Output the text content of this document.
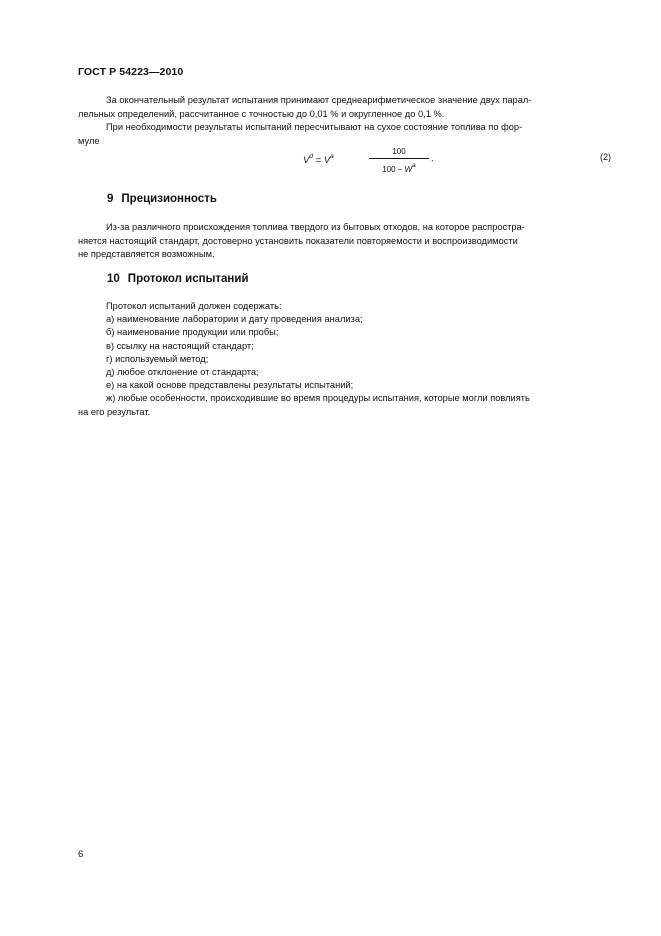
ГОСТ Р 54223—2010
За окончательный результат испытания принимают среднеарифметическое значение двух парал-
лельных определений, рассчитанное с точностью до 0,01 % и округленное до 0,1 %.
При необходимости результаты испытаний пересчитывают на сухое состояние топлива по фор-
муле
$V^d = V^a$
100
$100 - W^a$
.	(2)
9 Прецизионность
Из-за различного происхождения топлива твердого из бытовых отходов, на которое распростра-
няется настоящий стандарт, достоверно установить показатели повторяемости и воспроизводимости
не представляется возможным.
10 Протокол испытаний
Протокол испытаний должен содержать:
а) наименование лаборатории и дату проведения анализа;
б) наименование продукции или пробы;
в) ссылку на настоящий стандарт;
г) используемый метод;
д) любое отклонение от стандарта;
е) на какой основе представлены результаты испытаний;
ж) любые особенности, происходившие во время процедуры испытания, которые могли повлиять
на его результат.
6
